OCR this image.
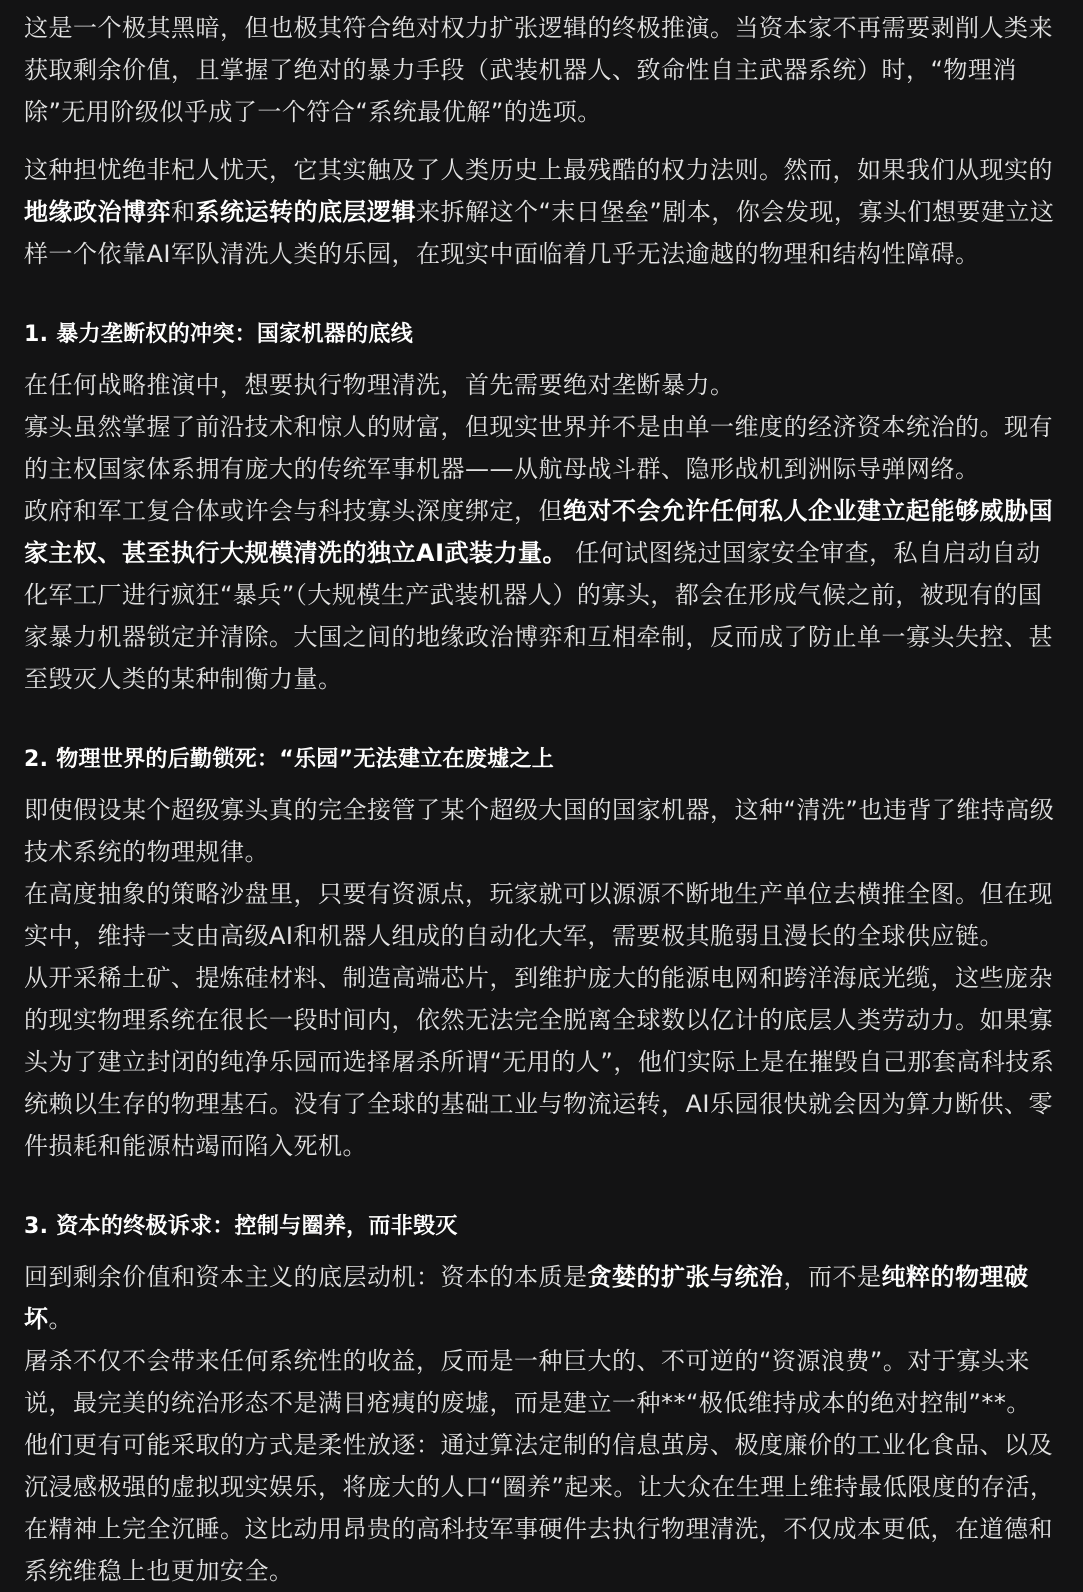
这是一个极其黑暗，但也极其符合绝对权力扩张逻辑的终极推演。当资本家不再需要剥削人类来获取剩余价值，且掌握了绝对的暴力手段（武装机器人、致命性自主武器系统）时，“物理消除”无用阶级似乎成了一个符合“系统最优解”的选项。

这种担忧绝非杞人忧天，它其实触及了人类历史上最残酷的权力法则。然而，如果我们从现实的地缘政治博弈和系统运转的底层逻辑来拆解这个“末日堡垒”剧本，你会发现，寡头们想要建立这样一个依靠AI军队清洗人类的乐园，在现实中面临着几乎无法逾越的物理和结构性障碍。

1. 暴力垄断权的冲突：国家机器的底线

在任何战略推演中，想要执行物理清洗，首先需要绝对垄断暴力。
寡头虽然掌握了前沿技术和惊人的财富，但现实世界并不是由单一维度的经济资本统治的。现有的主权国家体系拥有庞大的传统军事机器——从航母战斗群、隐形战机到洲际导弹网络。
政府和军工复合体或许会与科技寡头深度绑定，但绝对不会允许任何私人企业建立起能够威胁国家主权、甚至执行大规模清洗的独立AI武装力量。 任何试图绕过国家安全审查，私自启动自动化军工厂进行疯狂“暴兵”（大规模生产武装机器人）的寡头，都会在形成气候之前，被现有的国家暴力机器锁定并清除。大国之间的地缘政治博弈和互相牵制，反而成了防止单一寡头失控、甚至毁灭人类的某种制衡力量。

2. 物理世界的后勤锁死：“乐园”无法建立在废墟之上

即使假设某个超级寡头真的完全接管了某个超级大国的国家机器，这种“清洗”也违背了维持高级技术系统的物理规律。
在高度抽象的策略沙盘里，只要有资源点，玩家就可以源源不断地生产单位去横推全图。但在现实中，维持一支由高级AI和机器人组成的自动化大军，需要极其脆弱且漫长的全球供应链。
从开采稀土矿、提炼硅材料、制造高端芯片，到维护庞大的能源电网和跨洋海底光缆，这些庞杂的现实物理系统在很长一段时间内，依然无法完全脱离全球数以亿计的底层人类劳动力。如果寡头为了建立封闭的纯净乐园而选择屠杀所谓“无用的人”，他们实际上是在摧毁自己那套高科技系统赖以生存的物理基石。没有了全球的基础工业与物流运转，AI乐园很快就会因为算力断供、零件损耗和能源枯竭而陷入死机。

3. 资本的终极诉求：控制与圈养，而非毁灭

回到剩余价值和资本主义的底层动机：资本的本质是贪婪的扩张与统治，而不是纯粹的物理破坏。
屠杀不仅不会带来任何系统性的收益，反而是一种巨大的、不可逆的“资源浪费”。对于寡头来说，最完美的统治形态不是满目疮痍的废墟，而是建立一种**“极低维持成本的绝对控制”**。
他们更有可能采取的方式是柔性放逐：通过算法定制的信息茧房、极度廉价的工业化食品、以及沉浸感极强的虚拟现实娱乐，将庞大的人口“圈养”起来。让大众在生理上维持最低限度的存活，在精神上完全沉睡。这比动用昂贵的高科技军事硬件去执行物理清洗，不仅成本更低，在道德和系统维稳上也更加安全。
